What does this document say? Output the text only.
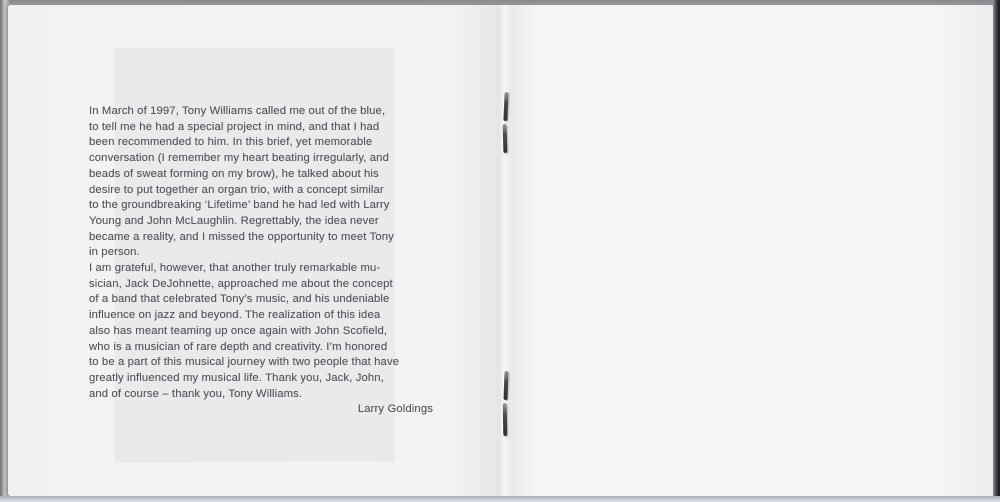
In March of 1997, Tony Williams called me out of the blue,
to tell me he had a special project in mind, and that I had
been recommended to him. In this brief, yet memorable
conversation (I remember my heart beating irregularly, and
beads of sweat forming on my brow), he talked about his
desire to put together an organ trio, with a concept similar
to the groundbreaking ‘Lifetime’ band he had led with Larry
Young and John McLaughlin. Regrettably, the idea never
became a reality, and I missed the opportunity to meet Tony
in person.
I am grateful, however, that another truly remarkable mu-
sician, Jack DeJohnette, approached me about the concept
of a band that celebrated Tony’s music, and his undeniable
influence on jazz and beyond. The realization of this idea
also has meant teaming up once again with John Scofield,
who is a musician of rare depth and creativity. I’m honored
to be a part of this musical journey with two people that have
greatly influenced my musical life. Thank you, Jack, John,
and of course – thank you, Tony Williams.
Larry Goldings
